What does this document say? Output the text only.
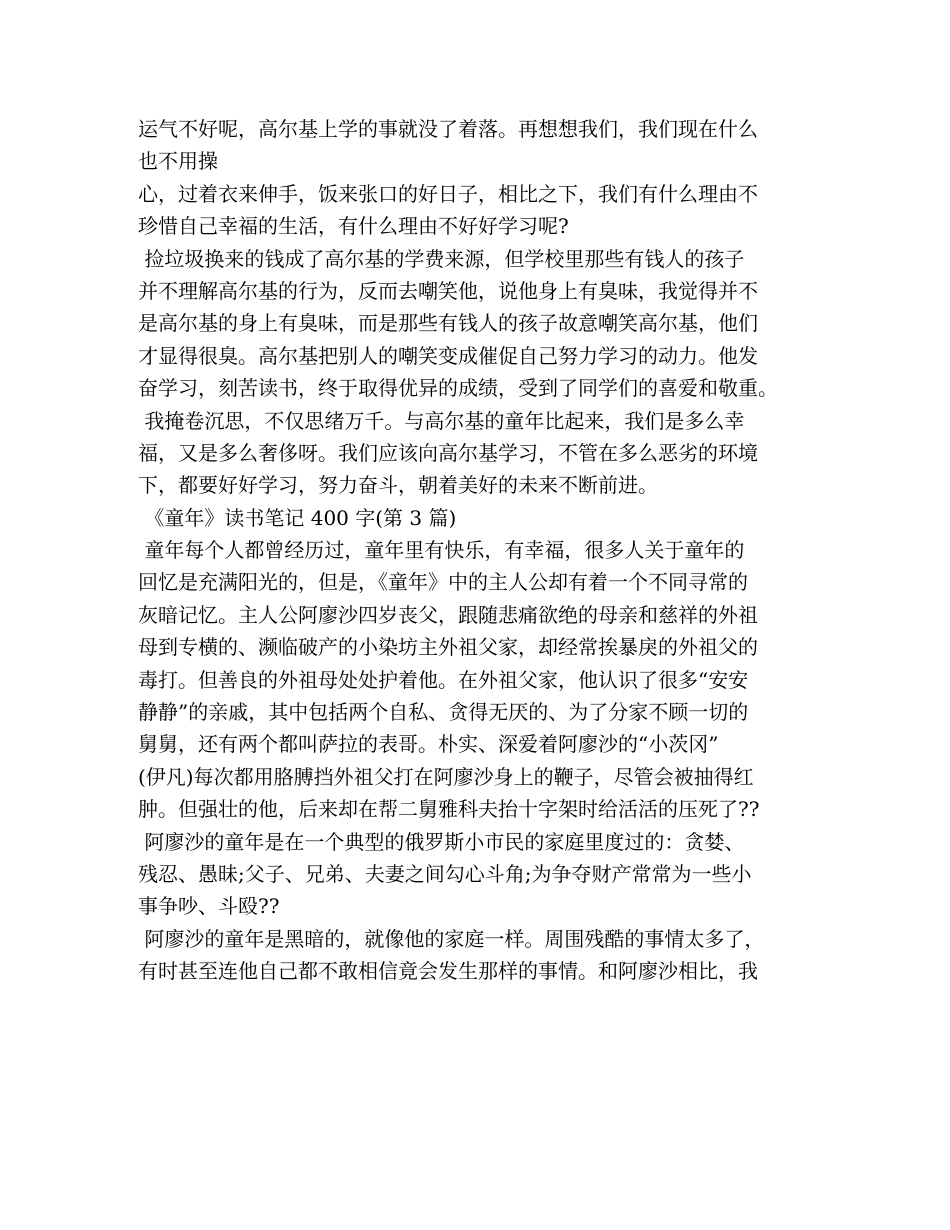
运气不好呢，高尔基上学的事就没了着落。再想想我们，我们现在什么
也不用操
心，过着衣来伸手，饭来张口的好日子，相比之下，我们有什么理由不
珍惜自己幸福的生活，有什么理由不好好学习呢?
捡垃圾换来的钱成了高尔基的学费来源，但学校里那些有钱人的孩子
并不理解高尔基的行为，反而去嘲笑他，说他身上有臭味，我觉得并不
是高尔基的身上有臭味，而是那些有钱人的孩子故意嘲笑高尔基，他们
才显得很臭。高尔基把别人的嘲笑变成催促自己努力学习的动力。他发
奋学习，刻苦读书，终于取得优异的成绩，受到了同学们的喜爱和敬重。
我掩卷沉思，不仅思绪万千。与高尔基的童年比起来，我们是多么幸
福，又是多么奢侈呀。我们应该向高尔基学习，不管在多么恶劣的环境
下，都要好好学习，努力奋斗，朝着美好的未来不断前进。
《童年》读书笔记 400 字(第 3 篇)
童年每个人都曾经历过，童年里有快乐，有幸福，很多人关于童年的
回忆是充满阳光的，但是，《童年》中的主人公却有着一个不同寻常的
灰暗记忆。主人公阿廖沙四岁丧父，跟随悲痛欲绝的母亲和慈祥的外祖
母到专横的、濒临破产的小染坊主外祖父家，却经常挨暴戾的外祖父的
毒打。但善良的外祖母处处护着他。在外祖父家，他认识了很多“安安
静静”的亲戚，其中包括两个自私、贪得无厌的、为了分家不顾一切的
舅舅，还有两个都叫萨拉的表哥。朴实、深爱着阿廖沙的“小茨冈”
(伊凡)每次都用胳膊挡外祖父打在阿廖沙身上的鞭子，尽管会被抽得红
肿。但强壮的他，后来却在帮二舅雅科夫抬十字架时给活活的压死了??
阿廖沙的童年是在一个典型的俄罗斯小市民的家庭里度过的：贪婪、
残忍、愚昧;父子、兄弟、夫妻之间勾心斗角;为争夺财产常常为一些小
事争吵、斗殴??
阿廖沙的童年是黑暗的，就像他的家庭一样。周围残酷的事情太多了，
有时甚至连他自己都不敢相信竟会发生那样的事情。和阿廖沙相比，我
